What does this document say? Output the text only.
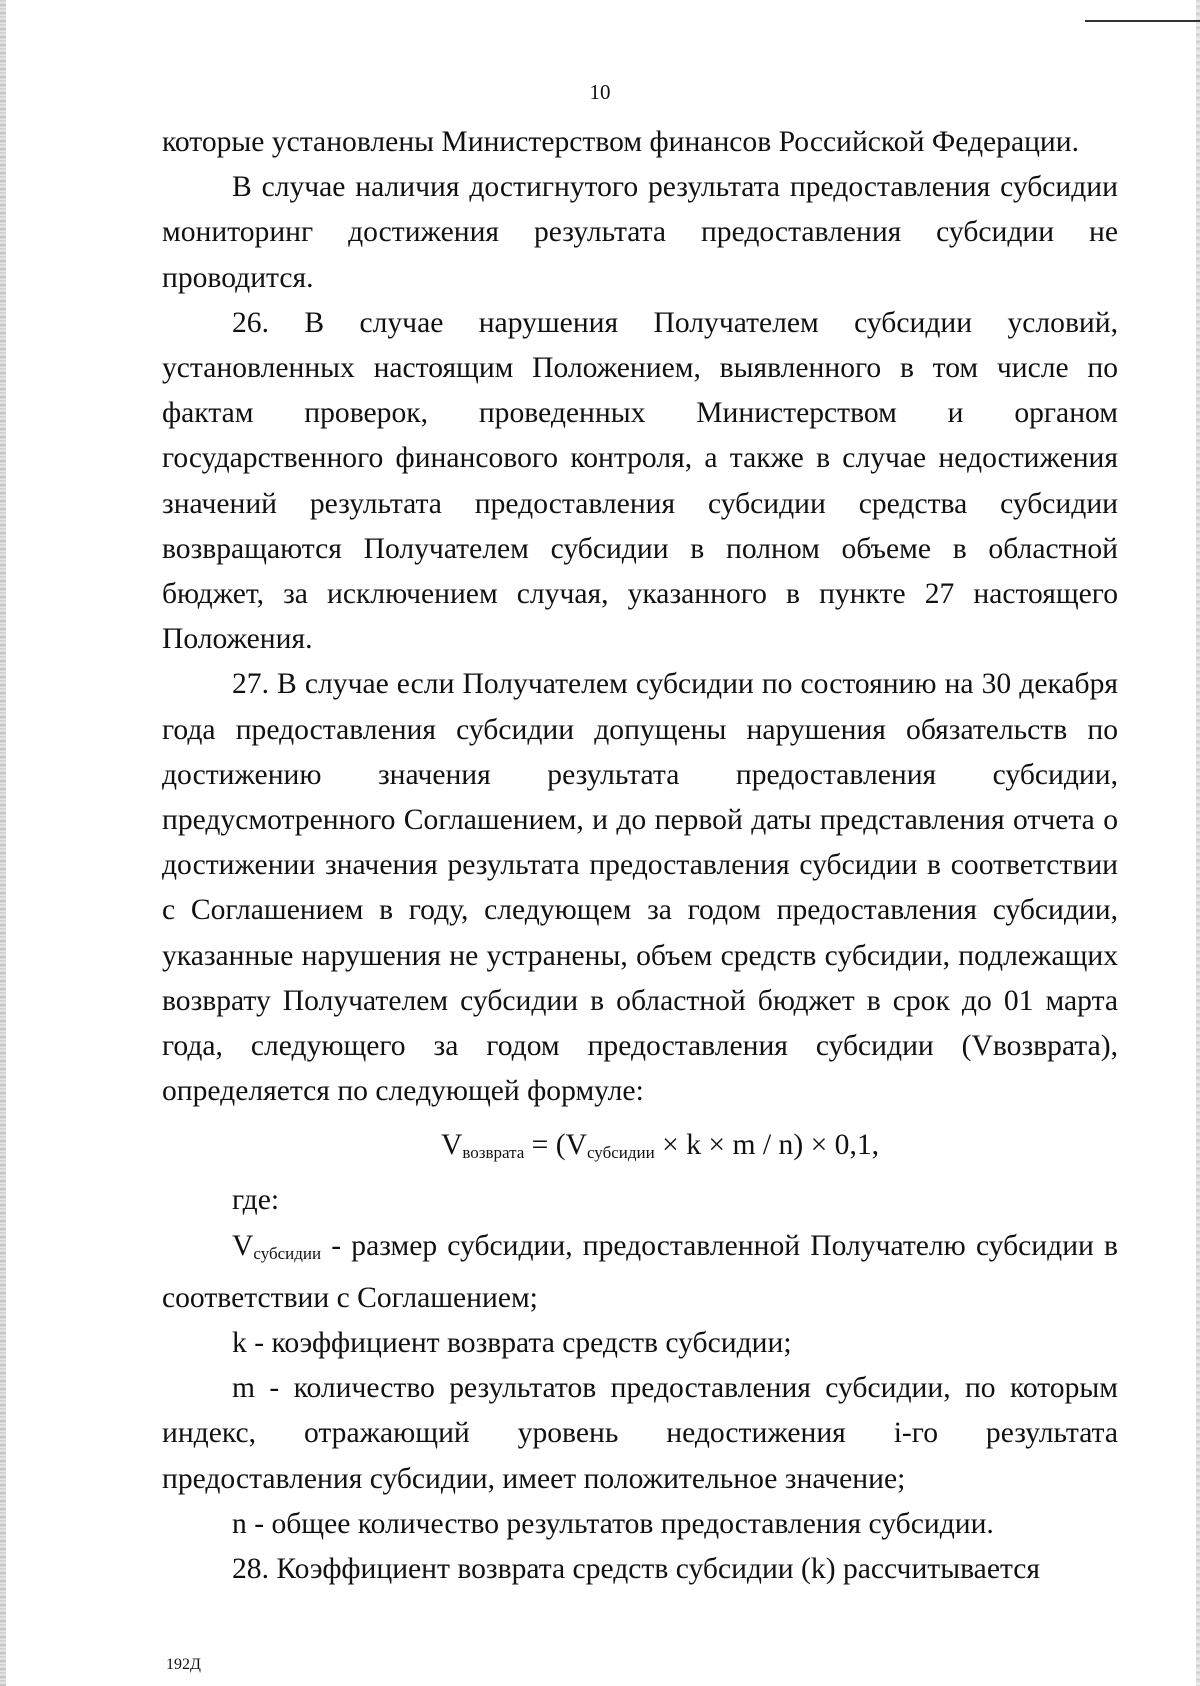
10

которые установлены Министерством финансов Российской Федерации.

В случае наличия достигнутого результата предоставления субсидии мониторинг достижения результата предоставления субсидии не проводится.

26. В случае нарушения Получателем субсидии условий, установленных настоящим Положением, выявленного в том числе по фактам проверок, проведенных Министерством и органом государственного финансового контроля, а также в случае недостижения значений результата предоставления субсидии средства субсидии возвращаются Получателем субсидии в полном объеме в областной бюджет, за исключением случая, указанного в пункте 27 настоящего Положения.

27. В случае если Получателем субсидии по состоянию на 30 декабря года предоставления субсидии допущены нарушения обязательств по достижению значения результата предоставления субсидии, предусмотренного Соглашением, и до первой даты представления отчета о достижении значения результата предоставления субсидии в соответствии с Соглашением в году, следующем за годом предоставления субсидии, указанные нарушения не устранены, объем средств субсидии, подлежащих возврату Получателем субсидии в областной бюджет в срок до 01 марта года, следующего за годом предоставления субсидии (Vвозврата), определяется по следующей формуле:

$V_{возврата} = (V_{субсидии} \times k \times m / n) \times 0,1$,

где:

$V_{субсидии}$ - размер субсидии, предоставленной Получателю субсидии в соответствии с Соглашением;

k - коэффициент возврата средств субсидии;

m - количество результатов предоставления субсидии, по которым индекс, отражающий уровень недостижения i-го результата предоставления субсидии, имеет положительное значение;

n - общее количество результатов предоставления субсидии.

28. Коэффициент возврата средств субсидии (k) рассчитывается

192Д
